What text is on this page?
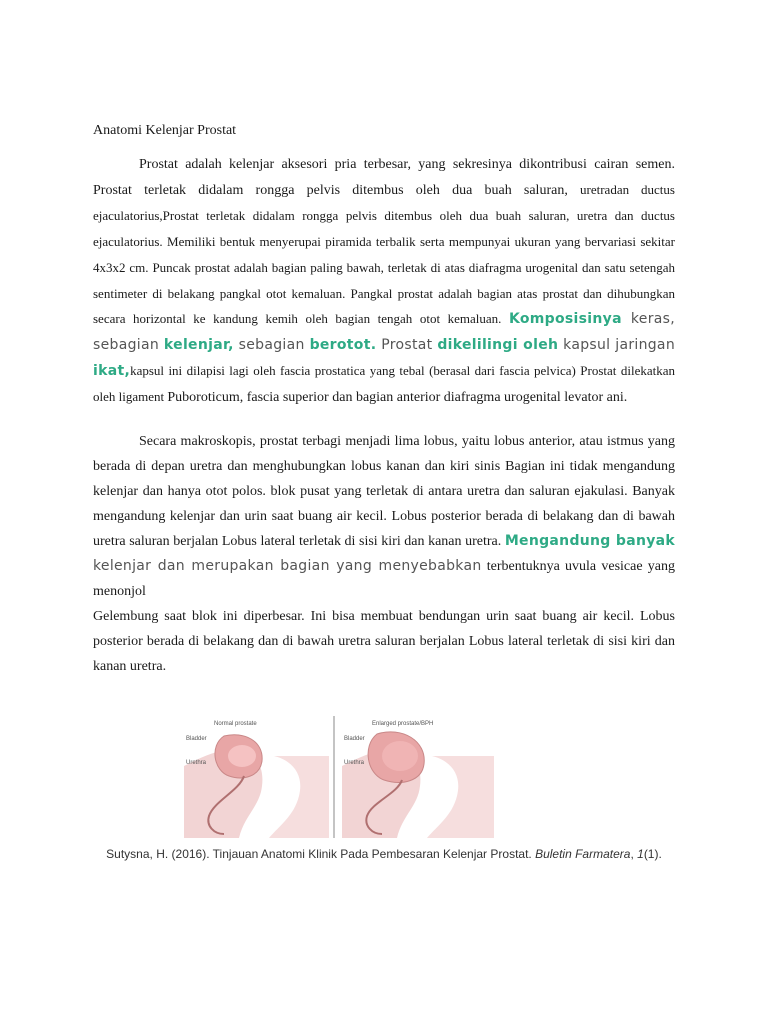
Anatomi Kelenjar Prostat
Prostat adalah kelenjar aksesori pria terbesar, yang sekresinya dikontribusi cairan semen. Prostat terletak didalam rongga pelvis ditembus oleh dua buah saluran, uretradan ductus ejaculatorius,Prostat terletak didalam rongga pelvis ditembus oleh dua buah saluran, uretra dan ductus ejaculatorius. Memiliki bentuk menyerupai piramida terbalik serta mempunyai ukuran yang bervariasi sekitar 4x3x2 cm. Puncak prostat adalah bagian paling bawah, terletak di atas diafragma urogenital dan satu setengah sentimeter di belakang pangkal otot kemaluan. Pangkal prostat adalah bagian atas prostat dan dihubungkan secara horizontal ke kandung kemih oleh bagian tengah otot kemaluan. Komposisinya keras, sebagian kelenjar, sebagian berotot. Prostat dikelilingi oleh kapsul jaringan ikat,kapsul ini dilapisi lagi oleh fascia prostatica yang tebal (berasal dari fascia pelvica) Prostat dilekatkan oleh ligament Puboroticum, fascia superior dan bagian anterior diafragma urogenital levator ani.
Secara makroskopis, prostat terbagi menjadi lima lobus, yaitu lobus anterior, atau istmus yang berada di depan uretra dan menghubungkan lobus kanan dan kiri sinis Bagian ini tidak mengandung kelenjar dan hanya otot polos. blok pusat yang terletak di antara uretra dan saluran ejakulasi. Banyak mengandung kelenjar dan urin saat buang air kecil. Lobus posterior berada di belakang dan di bawah uretra saluran berjalan Lobus lateral terletak di sisi kiri dan kanan uretra. Mengandung banyak kelenjar dan merupakan bagian yang menyebabkan terbentuknya uvula vesicae yang menonjol
Gelembung saat blok ini diperbesar. Ini bisa membuat bendungan urin saat buang air kecil. Lobus posterior berada di belakang dan di bawah uretra saluran berjalan Lobus lateral terletak di sisi kiri dan kanan uretra.
Normal prostate
Bladder
Urethra
Enlarged prostate/BPH
Bladder
Urethra
Sutysna, H. (2016). Tinjauan Anatomi Klinik Pada Pembesaran Kelenjar Prostat. Buletin Farmatera, 1(1).
